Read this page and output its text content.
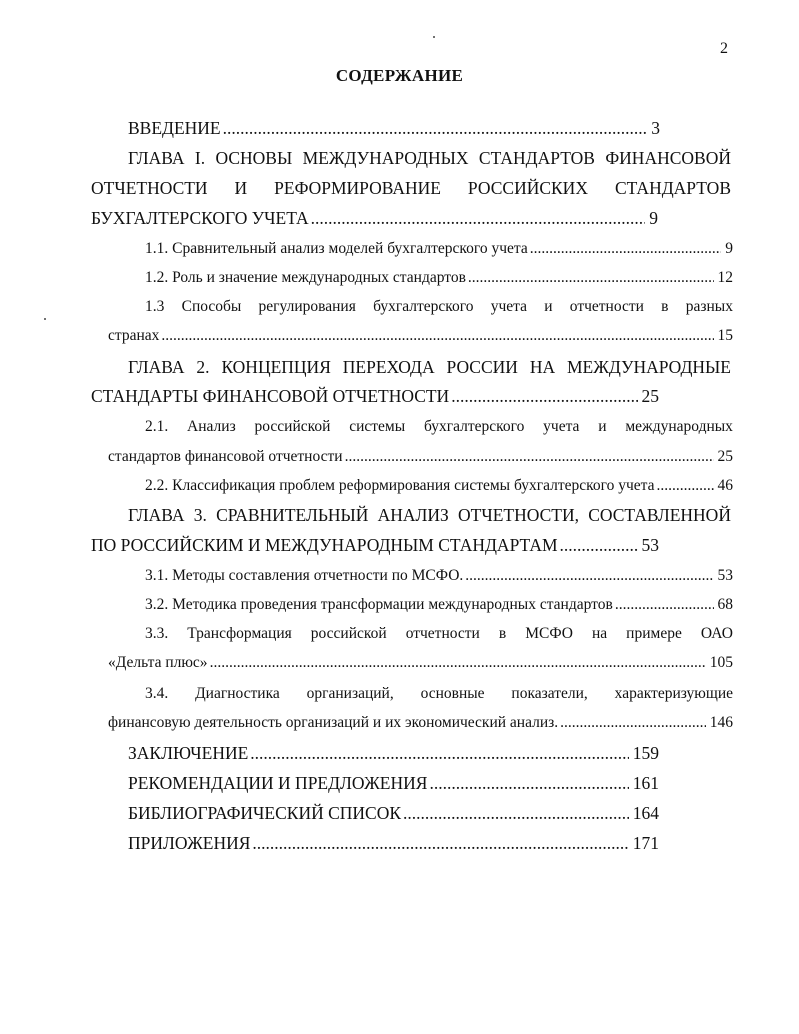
2
СОДЕРЖАНИЕ
ВВЕДЕНИЕ .....	3
ГЛАВА I. ОСНОВЫ МЕЖДУНАРОДНЫХ СТАНДАРТОВ ФИНАНСОВОЙ
ОТЧЕТНОСТИ И РЕФОРМИРОВАНИЕ РОССИЙСКИХ СТАНДАРТОВ
БУХГАЛТЕРСКОГО УЧЕТА .....	9
1.1. Сравнительный анализ моделей бухгалтерского учета .....	9
1.2. Роль и значение международных стандартов .....	12
1.3 Способы регулирования бухгалтерского учета и отчетности в разных
странах .....	15
ГЛАВА 2. КОНЦЕПЦИЯ ПЕРЕХОДА РОССИИ НА МЕЖДУНАРОДНЫЕ
СТАНДАРТЫ ФИНАНСОВОЙ ОТЧЕТНОСТИ .....	25
2.1. Анализ российской системы бухгалтерского учета и международных
стандартов финансовой отчетности .....	25
2.2. Классификация проблем реформирования системы бухгалтерского учета .....	46
ГЛАВА 3. СРАВНИТЕЛЬНЫЙ АНАЛИЗ ОТЧЕТНОСТИ, СОСТАВЛЕННОЙ
ПО РОССИЙСКИМ И МЕЖДУНАРОДНЫМ СТАНДАРТАМ .....	53
3.1. Методы составления отчетности по МСФО. .....	53
3.2. Методика проведения трансформации международных стандартов .....	68
3.3. Трансформация российской отчетности в МСФО на примере ОАО
«Дельта плюс» .....	105
3.4. Диагностика организаций, основные показатели, характеризующие
финансовую деятельность организаций и их экономический анализ. .....	146
ЗАКЛЮЧЕНИЕ .....	159
РЕКОМЕНДАЦИИ И ПРЕДЛОЖЕНИЯ .....	161
БИБЛИОГРАФИЧЕСКИЙ СПИСОК .....	164
ПРИЛОЖЕНИЯ .....	171
